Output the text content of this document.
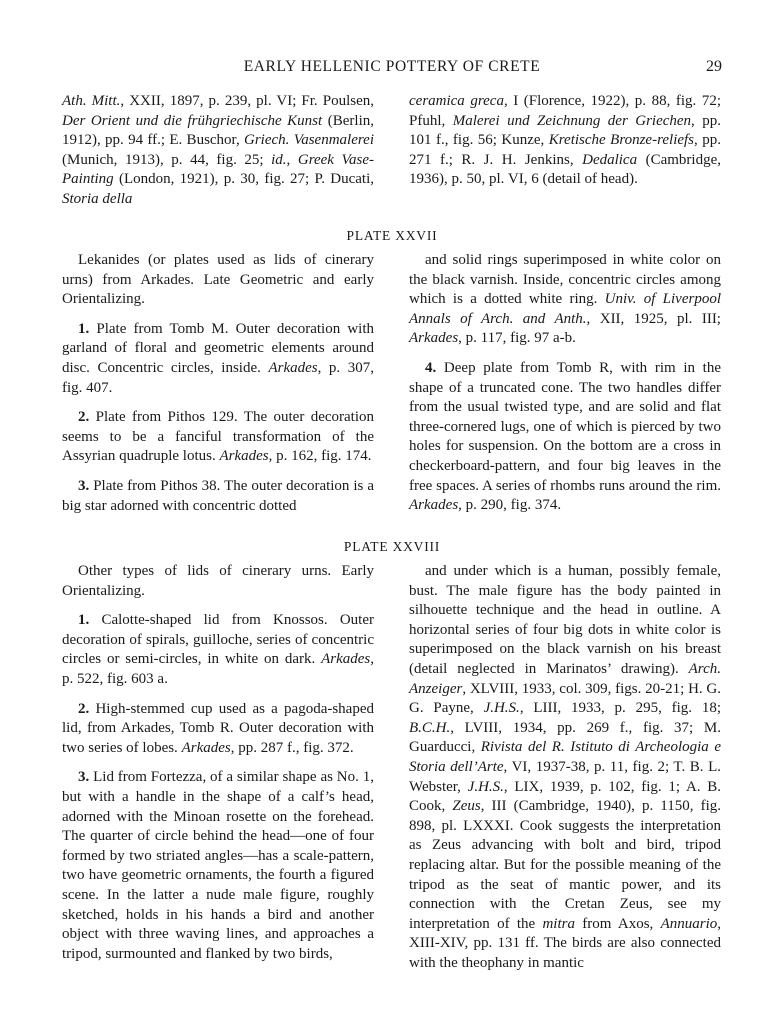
EARLY HELLENIC POTTERY OF CRETE	29

Ath. Mitt., XXII, 1897, p. 239, pl. VI; Fr. Poulsen, Der Orient und die frühgriechische Kunst (Berlin, 1912), pp. 94 ff.; E. Buschor, Griech. Vasenmalerei (Munich, 1913), p. 44, fig. 25; id., Greek Vase-Painting (London, 1921), p. 30, fig. 27; P. Ducati, Storia della

ceramica greca, I (Florence, 1922), p. 88, fig. 72; Pfuhl, Malerei und Zeichnung der Griechen, pp. 101 f., fig. 56; Kunze, Kretische Bronze-reliefs, pp. 271 f.; R. J. H. Jenkins, Dedalica (Cambridge, 1936), p. 50, pl. VI, 6 (detail of head).

PLATE XXVII

Lekanides (or plates used as lids of cinerary urns) from Arkades. Late Geometric and early Orientalizing.

1. Plate from Tomb M. Outer decoration with garland of floral and geometric elements around disc. Concentric circles, inside. Arkades, p. 307, fig. 407.

2. Plate from Pithos 129. The outer decoration seems to be a fanciful transformation of the Assyrian quadruple lotus. Arkades, p. 162, fig. 174.

3. Plate from Pithos 38. The outer decoration is a big star adorned with concentric dotted

and solid rings superimposed in white color on the black varnish. Inside, concentric circles among which is a dotted white ring. Univ. of Liverpool Annals of Arch. and Anth., XII, 1925, pl. III; Arkades, p. 117, fig. 97 a-b.

4. Deep plate from Tomb R, with rim in the shape of a truncated cone. The two handles differ from the usual twisted type, and are solid and flat three-cornered lugs, one of which is pierced by two holes for suspension. On the bottom are a cross in checkerboard-pattern, and four big leaves in the free spaces. A series of rhombs runs around the rim. Arkades, p. 290, fig. 374.

PLATE XXVIII

Other types of lids of cinerary urns. Early Orientalizing.

1. Calotte-shaped lid from Knossos. Outer decoration of spirals, guilloche, series of concentric circles or semi-circles, in white on dark. Arkades, p. 522, fig. 603 a.

2. High-stemmed cup used as a pagoda-shaped lid, from Arkades, Tomb R. Outer decoration with two series of lobes. Arkades, pp. 287 f., fig. 372.

3. Lid from Fortezza, of a similar shape as No. 1, but with a handle in the shape of a calf’s head, adorned with the Minoan rosette on the forehead. The quarter of circle behind the head—one of four formed by two striated angles—has a scale-pattern, two have geometric ornaments, the fourth a figured scene. In the latter a nude male figure, roughly sketched, holds in his hands a bird and another object with three waving lines, and approaches a tripod, surmounted and flanked by two birds,

and under which is a human, possibly female, bust. The male figure has the body painted in silhouette technique and the head in outline. A horizontal series of four big dots in white color is superimposed on the black varnish on his breast (detail neglected in Marinatos’ drawing). Arch. Anzeiger, XLVIII, 1933, col. 309, figs. 20-21; H. G. G. Payne, J.H.S., LIII, 1933, p. 295, fig. 18; B.C.H., LVIII, 1934, pp. 269 f., fig. 37; M. Guarducci, Rivista del R. Istituto di Archeologia e Storia dell’Arte, VI, 1937-38, p. 11, fig. 2; T. B. L. Webster, J.H.S., LIX, 1939, p. 102, fig. 1; A. B. Cook, Zeus, III (Cambridge, 1940), p. 1150, fig. 898, pl. LXXXI. Cook suggests the interpretation as Zeus advancing with bolt and bird, tripod replacing altar. But for the possible meaning of the tripod as the seat of mantic power, and its connection with the Cretan Zeus, see my interpretation of the mitra from Axos, Annuario, XIII-XIV, pp. 131 ff. The birds are also connected with the theophany in mantic
